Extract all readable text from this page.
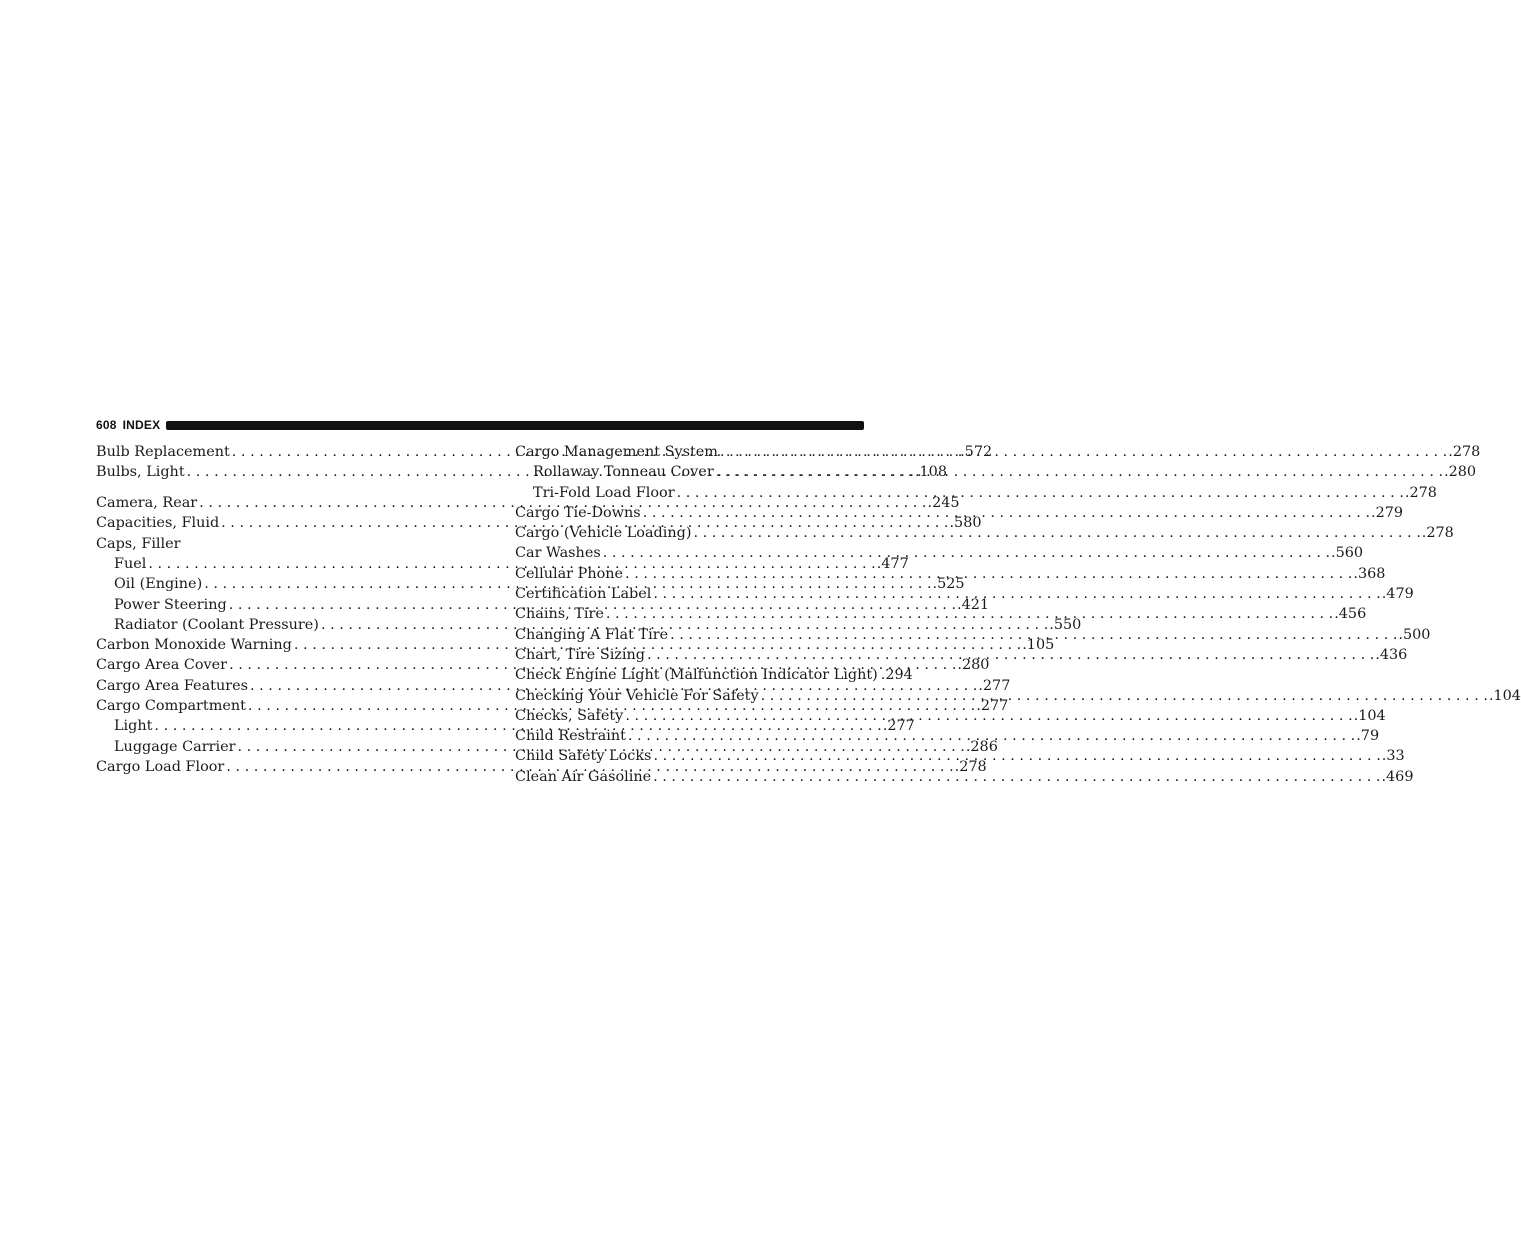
608 INDEX
Bulb Replacement . . .	.572
Bulbs, Light . . .	.108
Camera, Rear . . .	.245
Capacities, Fluid . . .	.580
Caps, Filler
Fuel . . .	.477
Oil (Engine) . . .	.525
Power Steering . . .	.421
Radiator (Coolant Pressure) . . .	.550
Carbon Monoxide Warning . . .	.105
Cargo Area Cover . . .	.280
Cargo Area Features . . .	.277
Cargo Compartment . . .	.277
Light . . .	.277
Luggage Carrier . . .	.286
Cargo Load Floor . . .	.278
Cargo Management System . . .	.278
Rollaway Tonneau Cover . . .	.280
Tri-Fold Load Floor . . .	.278
Cargo Tie-Downs . . .	.279
Cargo (Vehicle Loading) . . .	.278
Car Washes . . .	.560
Cellular Phone . . .	.368
Certification Label . . .	.479
Chains, Tire . . .	.456
Changing A Flat Tire . . .	.500
Chart, Tire Sizing . . .	.436
Check Engine Light (Malfunction Indicator Light) . . . .294
Checking Your Vehicle For Safety . . .	.104
Checks, Safety . . .	.104
Child Restraint . . .	.79
Child Safety Locks . . .	.33
Clean Air Gasoline . . .	.469
